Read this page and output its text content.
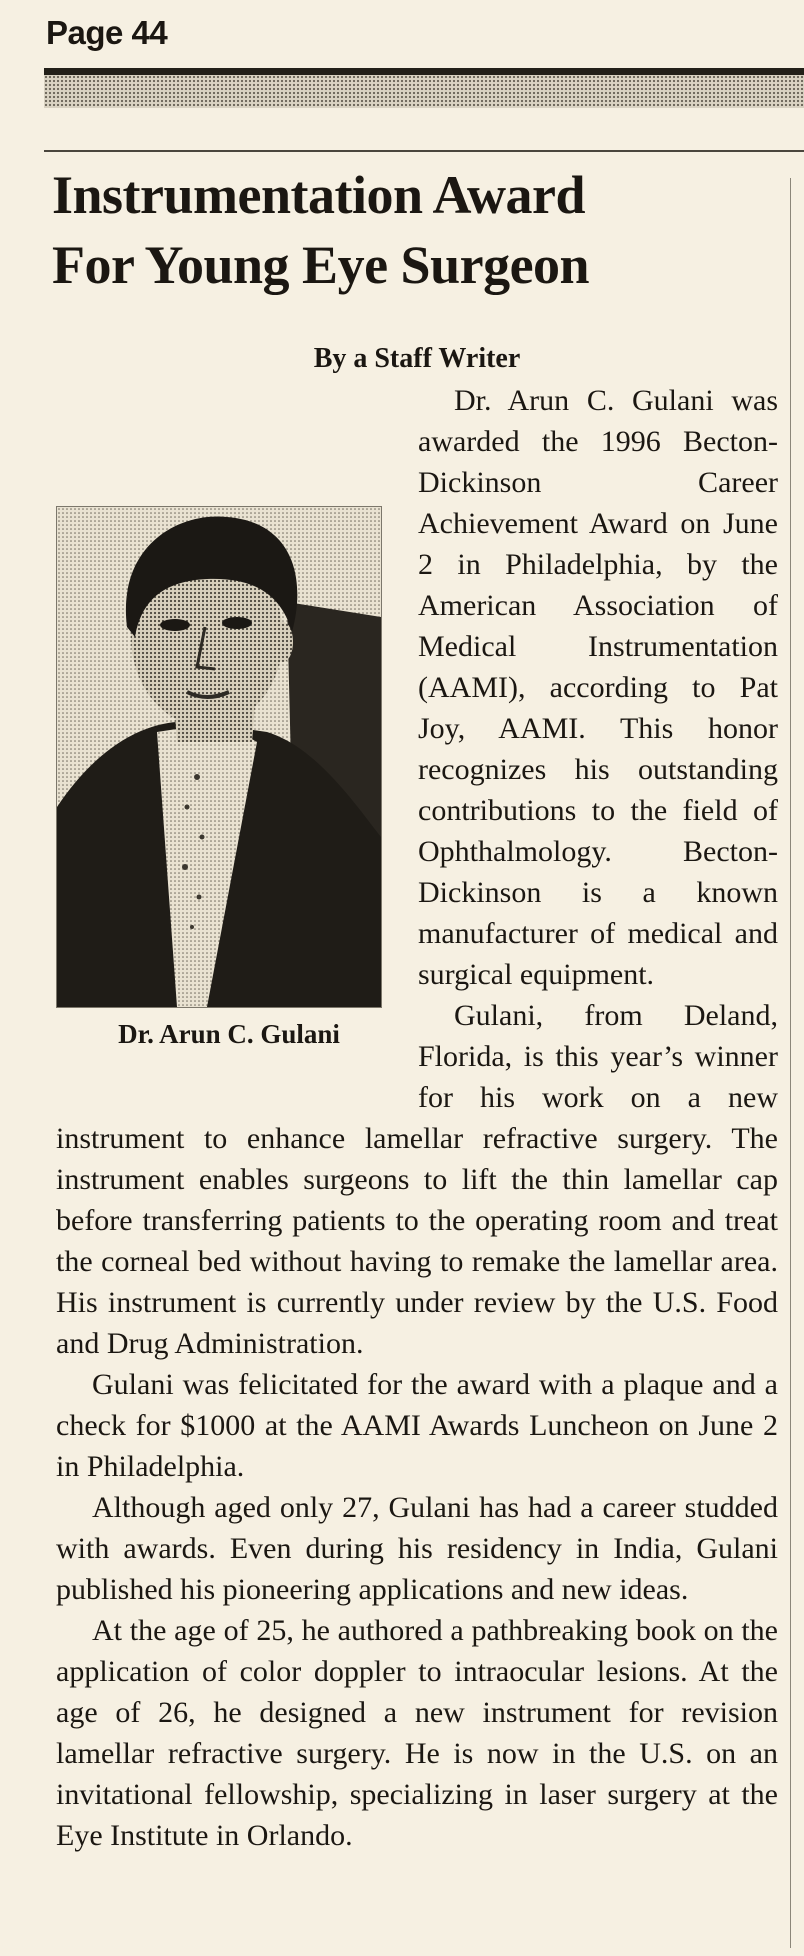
Page 44
Instrumentation Award
For Young Eye Surgeon
By a Staff Writer
Dr. Arun C. Gulani

Dr. Arun C. Gulani was awarded the 1996 Becton-Dickinson Career Achievement Award on June 2 in Philadelphia, by the American Association of Medical Instrumentation (AAMI), according to Pat Joy, AAMI. This honor recognizes his outstanding contributions to the field of Ophthalmology. Becton-Dickinson is a known manufacturer of medical and surgical equipment.

Gulani, from Deland, Florida, is this year’s winner for his work on a new instrument to enhance lamellar refractive surgery. The instrument enables surgeons to lift the thin lamellar cap before transferring patients to the operating room and treat the corneal bed without having to remake the lamellar area. His instrument is currently under review by the U.S. Food and Drug Administration.

Gulani was felicitated for the award with a plaque and a check for $1000 at the AAMI Awards Luncheon on June 2 in Philadelphia.

Although aged only 27, Gulani has had a career studded with awards. Even during his residency in India, Gulani published his pioneering applications and new ideas.

At the age of 25, he authored a pathbreaking book on the application of color doppler to intraocular lesions. At the age of 26, he designed a new instrument for revision lamellar refractive surgery. He is now in the U.S. on an invitational fellowship, specializing in laser surgery at the Eye Institute in Orlando.
